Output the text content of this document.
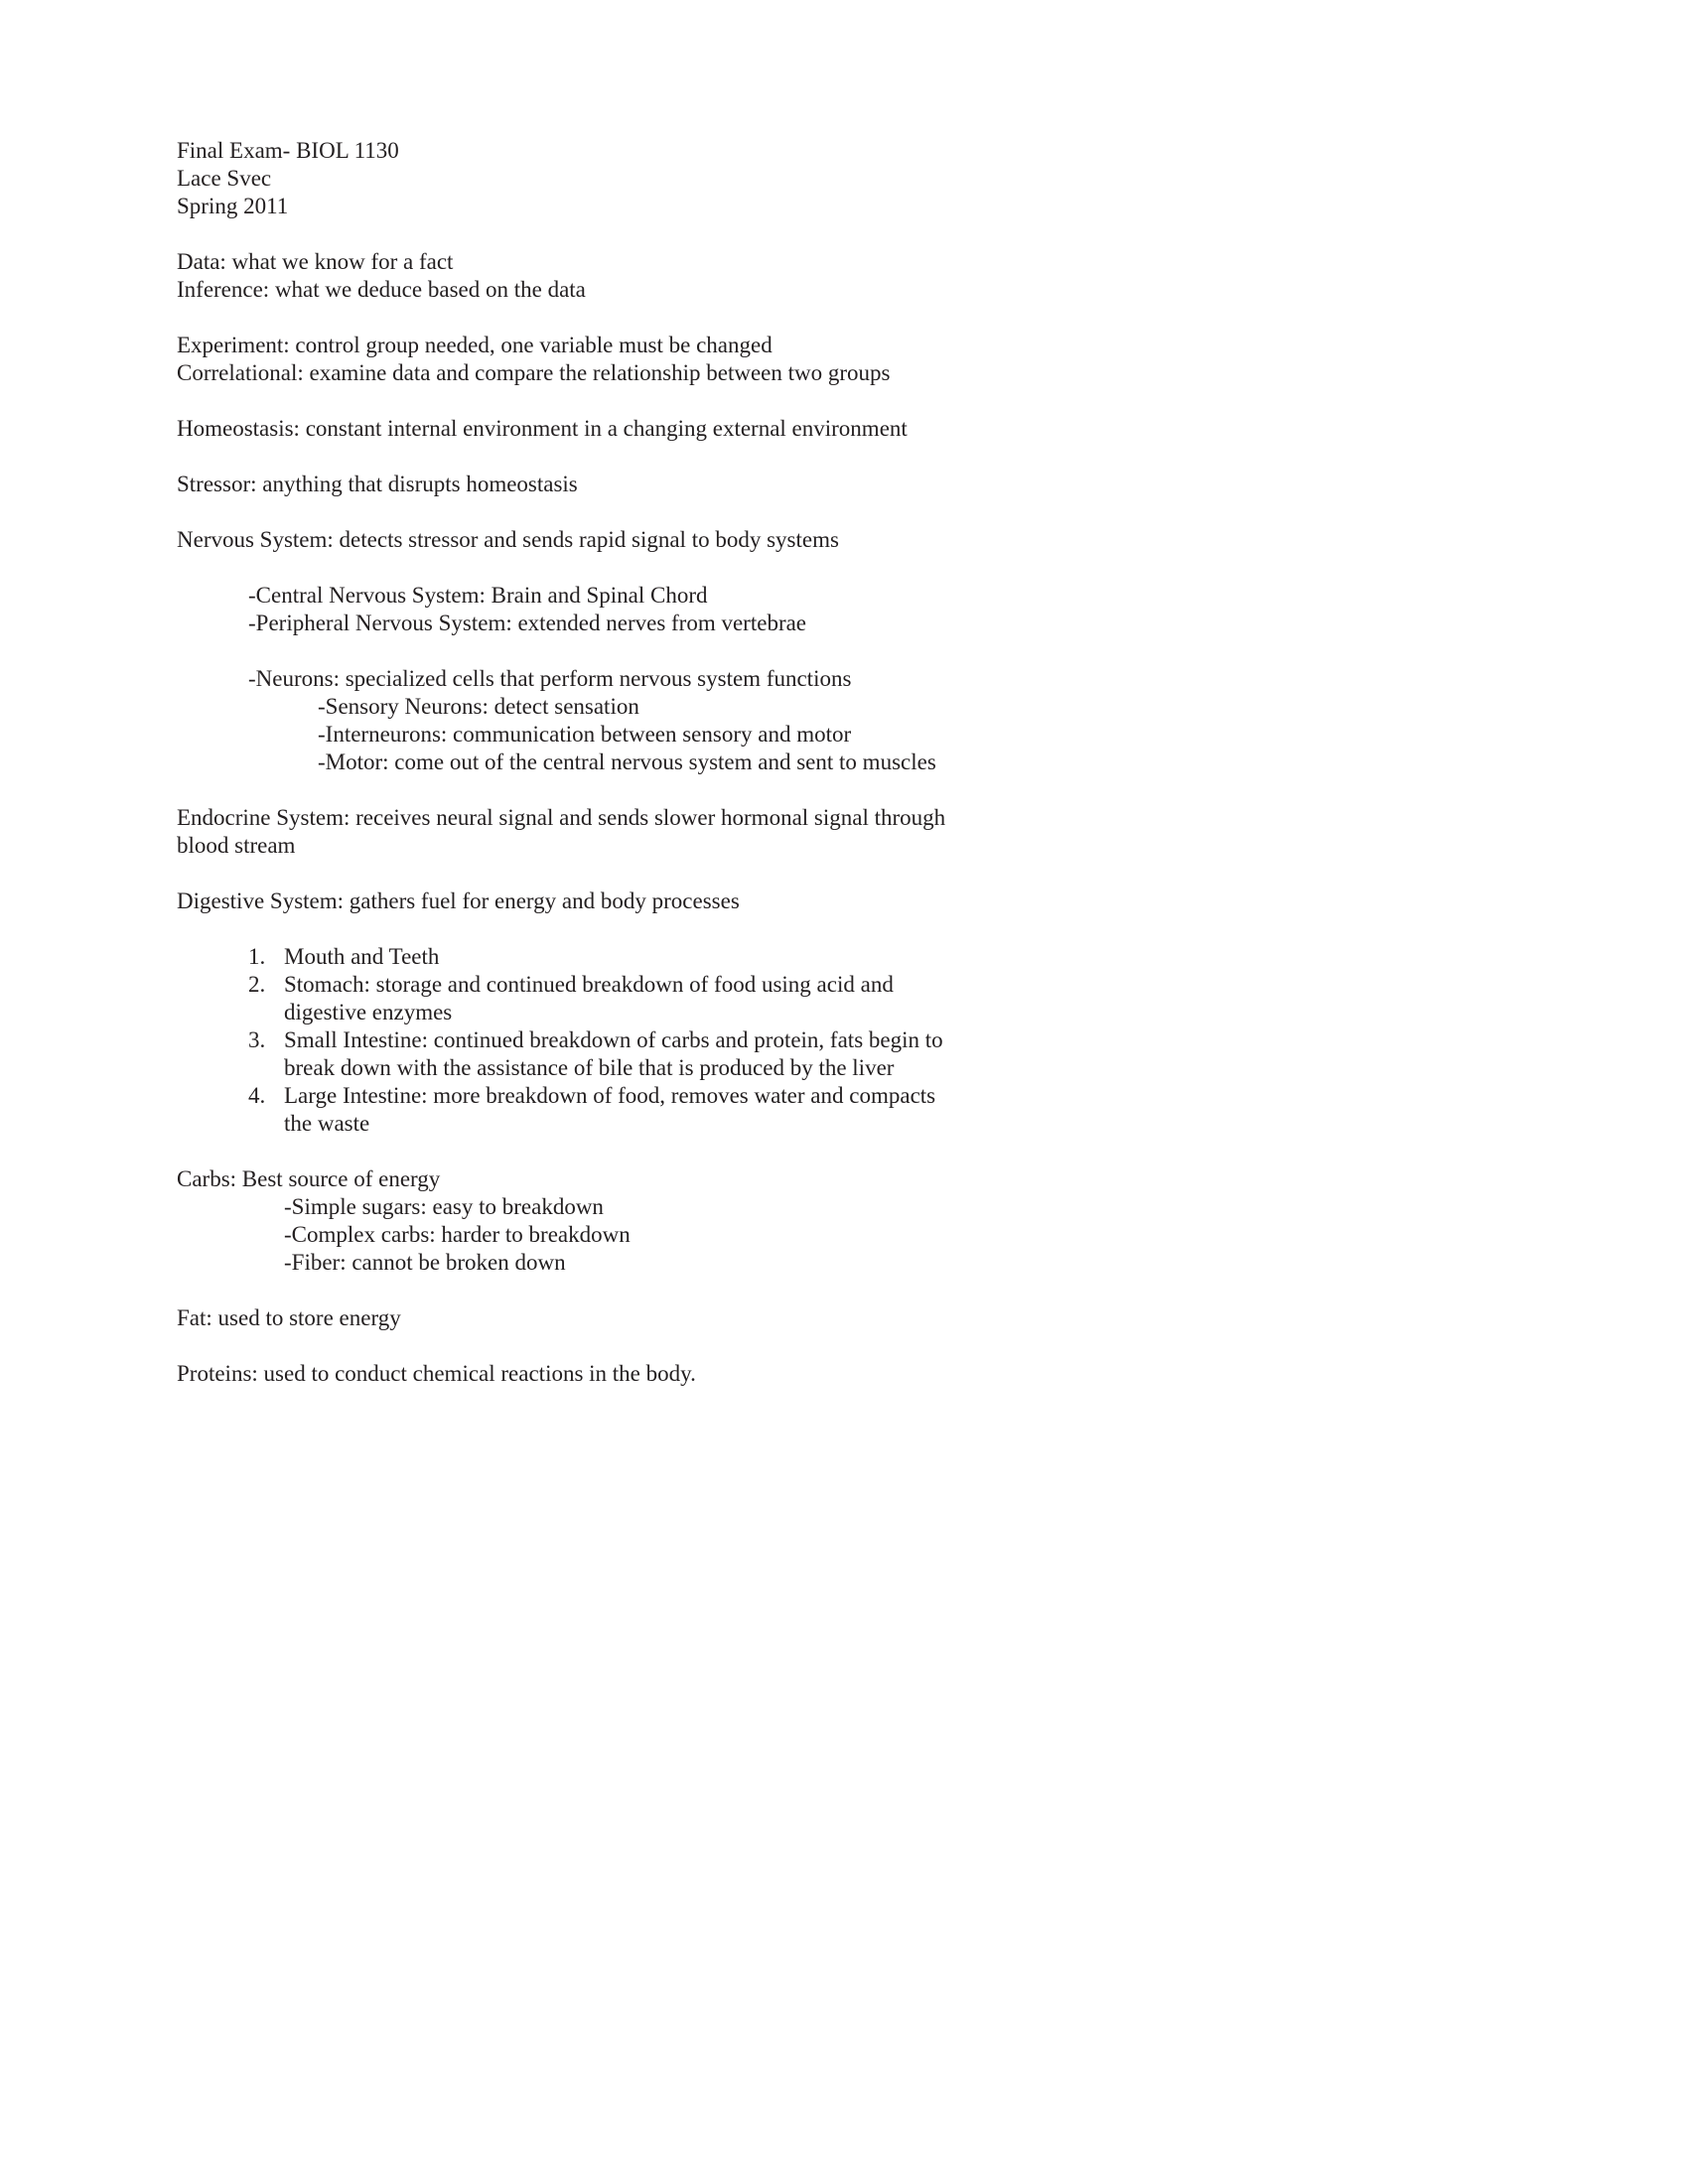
Final Exam- BIOL 1130
Lace Svec
Spring 2011

Data: what we know for a fact
Inference: what we deduce based on the data

Experiment: control group needed, one variable must be changed
Correlational: examine data and compare the relationship between two groups

Homeostasis: constant internal environment in a changing external environment

Stressor: anything that disrupts homeostasis

Nervous System: detects stressor and sends rapid signal to body systems

-Central Nervous System: Brain and Spinal Chord
-Peripheral Nervous System: extended nerves from vertebrae

-Neurons: specialized cells that perform nervous system functions
-Sensory Neurons: detect sensation
-Interneurons: communication between sensory and motor
-Motor: come out of the central nervous system and sent to muscles

Endocrine System: receives neural signal and sends slower hormonal signal through
blood stream

Digestive System: gathers fuel for energy and body processes

1. Mouth and Teeth
2. Stomach: storage and continued breakdown of food using acid and
digestive enzymes
3. Small Intestine: continued breakdown of carbs and protein, fats begin to
break down with the assistance of bile that is produced by the liver
4. Large Intestine: more breakdown of food, removes water and compacts
the waste

Carbs: Best source of energy
-Simple sugars: easy to breakdown
-Complex carbs: harder to breakdown
-Fiber: cannot be broken down

Fat: used to store energy

Proteins: used to conduct chemical reactions in the body.
